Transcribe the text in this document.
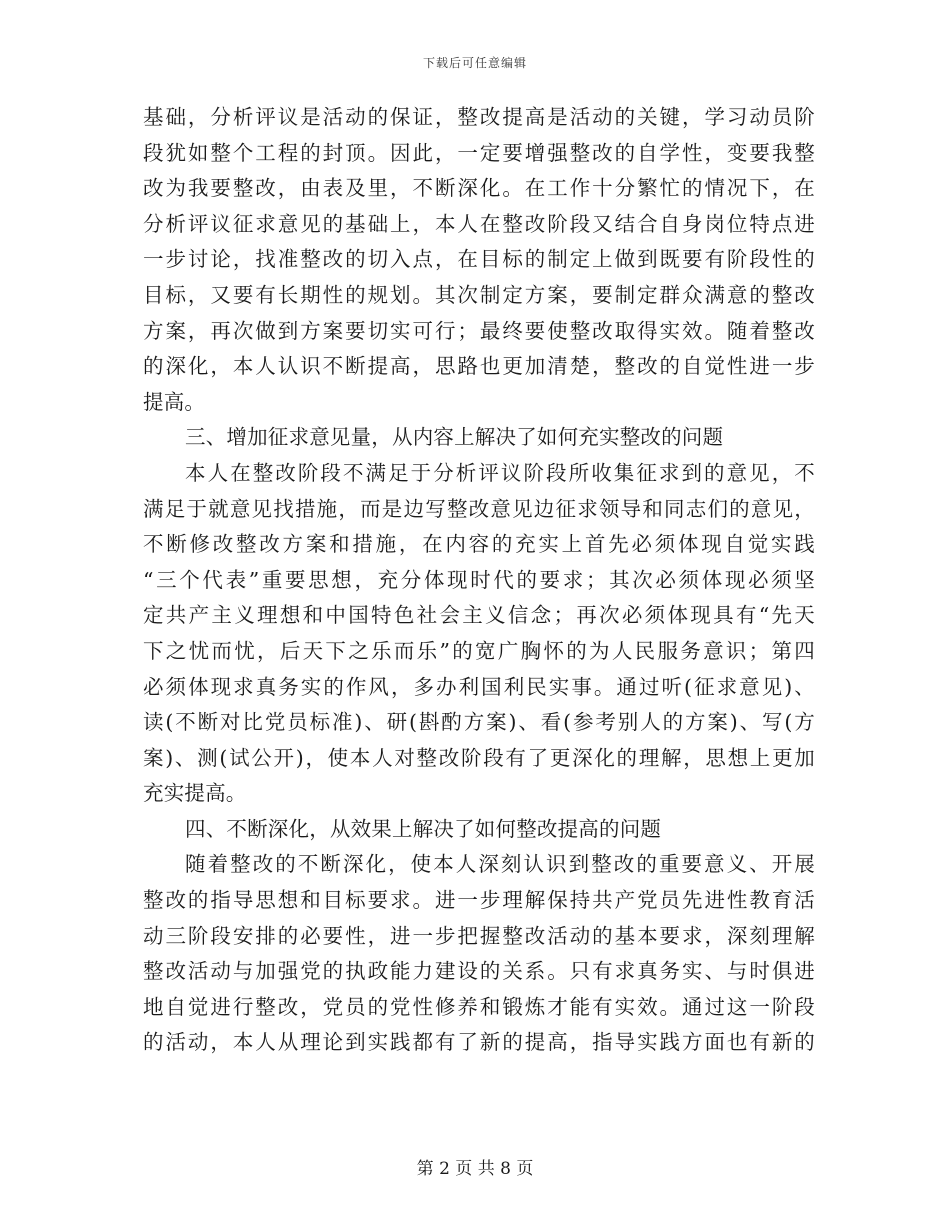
下载后可任意编辑
基础，分析评议是活动的保证，整改提高是活动的关键，学习动员阶
段犹如整个工程的封顶。因此，一定要增强整改的自学性，变要我整
改为我要整改，由表及里，不断深化。在工作十分繁忙的情况下，在
分析评议征求意见的基础上，本人在整改阶段又结合自身岗位特点进
一步讨论，找准整改的切入点，在目标的制定上做到既要有阶段性的
目标，又要有长期性的规划。其次制定方案，要制定群众满意的整改
方案，再次做到方案要切实可行；最终要使整改取得实效。随着整改
的深化，本人认识不断提高，思路也更加清楚，整改的自觉性进一步
提高。
三、增加征求意见量，从内容上解决了如何充实整改的问题
本人在整改阶段不满足于分析评议阶段所收集征求到的意见，不
满足于就意见找措施，而是边写整改意见边征求领导和同志们的意见，
不断修改整改方案和措施，在内容的充实上首先必须体现自觉实践
“三个代表”重要思想，充分体现时代的要求；其次必须体现必须坚
定共产主义理想和中国特色社会主义信念；再次必须体现具有“先天
下之忧而忧，后天下之乐而乐”的宽广胸怀的为人民服务意识；第四
必须体现求真务实的作风，多办利国利民实事。通过听(征求意见)、
读(不断对比党员标准)、研(斟酌方案)、看(参考别人的方案)、写(方
案)、测(试公开)，使本人对整改阶段有了更深化的理解，思想上更加
充实提高。
四、不断深化，从效果上解决了如何整改提高的问题
随着整改的不断深化，使本人深刻认识到整改的重要意义、开展
整改的指导思想和目标要求。进一步理解保持共产党员先进性教育活
动三阶段安排的必要性，进一步把握整改活动的基本要求，深刻理解
整改活动与加强党的执政能力建设的关系。只有求真务实、与时俱进
地自觉进行整改，党员的党性修养和锻炼才能有实效。通过这一阶段
的活动，本人从理论到实践都有了新的提高，指导实践方面也有新的
第 2 页 共 8 页
